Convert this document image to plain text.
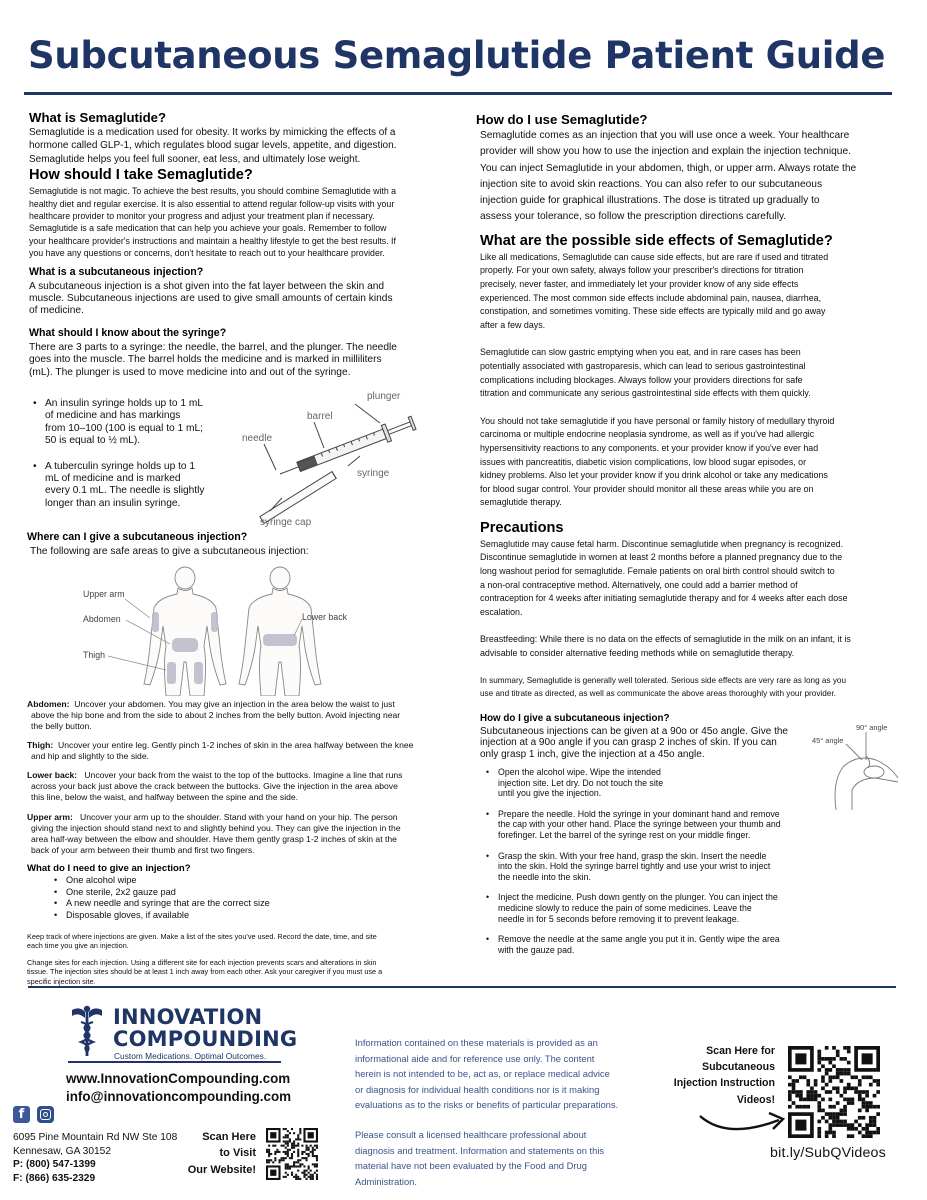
Subcutaneous Semaglutide Patient Guide
What is Semaglutide?
Semaglutide is a medication used for obesity. It works by mimicking the effects of a
hormone called GLP-1, which regulates blood sugar levels, appetite, and digestion.
Semaglutide helps you feel full sooner, eat less, and ultimately lose weight.
How should I take Semaglutide?
Semaglutide is not magic. To achieve the best results, you should combine Semaglutide with a
healthy diet and regular exercise. It is also essential to attend regular follow-up visits with your
healthcare provider to monitor your progress and adjust your treatment plan if necessary.
Semaglutide is a safe medication that can help you achieve your goals. Remember to follow
your healthcare provider's instructions and maintain a healthy lifestyle to get the best results. If
you have any questions or concerns, don't hesitate to reach out to your healthcare provider.
What is a subcutaneous injection?
A subcutaneous injection is a shot given into the fat layer between the skin and
muscle. Subcutaneous injections are used to give small amounts of certain kinds
of medicine.
What should I know about the syringe?
There are 3 parts to a syringe: the needle, the barrel, and the plunger. The needle
goes into the muscle. The barrel holds the medicine and is marked in milliliters
(mL). The plunger is used to move medicine into and out of the syringe.
• An insulin syringe holds up to 1 mL
of medicine and has markings
from 10–100 (100 is equal to 1 mL;
50 is equal to ½ mL).
• A tuberculin syringe holds up to 1
mL of medicine and is marked
every 0.1 mL. The needle is slightly
longer than an insulin syringe.
plunger
barrel
needle
syringe
syringe cap
Where can I give a subcutaneous injection?
The following are safe areas to give a subcutaneous injection:
Upper arm
Abdomen
Thigh
Lower back
Abdomen: Uncover your abdomen. You may give an injection in the area below the waist to just
above the hip bone and from the side to about 2 inches from the belly button. Avoid injecting near
the belly button.
Thigh: Uncover your entire leg. Gently pinch 1-2 inches of skin in the area halfway between the knee
and hip and slightly to the side.
Lower back: Uncover your back from the waist to the top of the buttocks. Imagine a line that runs
across your back just above the crack between the buttocks. Give the injection in the area above
this line, below the waist, and halfway between the spine and the side.
Upper arm: Uncover your arm up to the shoulder. Stand with your hand on your hip. The person
giving the injection should stand next to and slightly behind you. They can give the injection in the
area half-way between the elbow and shoulder. Have them gently grasp 1-2 inches of skin at the
back of your arm between their thumb and first two fingers.
What do I need to give an injection?
• One alcohol wipe
• One sterile, 2x2 gauze pad
• A new needle and syringe that are the correct size
• Disposable gloves, if available
Keep track of where injections are given. Make a list of the sites you've used. Record the date, time, and site
each time you give an injection.
Change sites for each injection. Using a different site for each injection prevents scars and alterations in skin
tissue. The injection sites should be at least 1 inch away from each other. Ask your caregiver if you must use a
specific injection site.
How do I use Semaglutide?
Semaglutide comes as an injection that you will use once a week. Your healthcare
provider will show you how to use the injection and explain the injection technique.
You can inject Semaglutide in your abdomen, thigh, or upper arm. Always rotate the
injection site to avoid skin reactions. You can also refer to our subcutaneous
injection guide for graphical illustrations. The dose is titrated up gradually to
assess your tolerance, so follow the prescription directions carefully.
What are the possible side effects of Semaglutide?
Like all medications, Semaglutide can cause side effects, but are rare if used and titrated
properly. For your own safety, always follow your prescriber's directions for titration
precisely, never faster, and immediately let your provider know of any side effects
experienced. The most common side effects include abdominal pain, nausea, diarrhea,
constipation, and sometimes vomiting. These side effects are typically mild and go away
after a few days.
Semaglutide can slow gastric emptying when you eat, and in rare cases has been
potentially associated with gastroparesis, which can lead to serious gastrointestinal
complications including blockages. Always follow your providers directions for safe
titration and communicate any serious gastrointestinal side effects with them quickly.
You should not take semaglutide if you have personal or family history of medullary thyroid
carcinoma or multiple endocrine neoplasia syndrome, as well as if you've had allergic
hypersensitivity reactions to any components. et your provider know if you've ever had
issues with pancreatitis, diabetic vision complications, low blood sugar episodes, or
kidney problems. Also let your provider know if you drink alcohol or take any medications
for blood sugar control. Your provider should monitor all these areas while you are on
semaglutide therapy.
Precautions
Semaglutide may cause fetal harm. Discontinue semaglutide when pregnancy is recognized.
Discontinue semaglutide in women at least 2 months before a planned pregnancy due to the
long washout period for semaglutide. Female patients on oral birth control should switch to
a non-oral contraceptive method. Alternatively, one could add a barrier method of
contraception for 4 weeks after initiating semaglutide therapy and for 4 weeks after each dose
escalation.
Breastfeeding: While there is no data on the effects of semaglutide in the milk on an infant, it is
advisable to consider alternative feeding methods while on semaglutide therapy.
In summary, Semaglutide is generally well tolerated. Serious side effects are very rare as long as you
use and titrate as directed, as well as communicate the above areas thoroughly with your provider.
How do I give a subcutaneous injection?
Subcutaneous injections can be given at a 90o or 45o angle. Give the
injection at a 90o angle if you can grasp 2 inches of skin. If you can
only grasp 1 inch, give the injection at a 45o angle.
90° angle
45° angle
• Open the alcohol wipe. Wipe the intended
injection site. Let dry. Do not touch the site
until you give the injection.
• Prepare the needle. Hold the syringe in your dominant hand and remove
the cap with your other hand. Place the syringe between your thumb and
forefinger. Let the barrel of the syringe rest on your middle finger.
• Grasp the skin. With your free hand, grasp the skin. Insert the needle
into the skin. Hold the syringe barrel tightly and use your wrist to inject
the needle into the skin.
• Inject the medicine. Push down gently on the plunger. You can inject the
medicine slowly to reduce the pain of some medicines. Leave the
needle in for 5 seconds before removing it to prevent leakage.
• Remove the needle at the same angle you put it in. Gently wipe the area
with the gauze pad.
INNOVATION
COMPOUNDING
Custom Medications. Optimal Outcomes.
www.InnovationCompounding.com
info@innovationcompounding.com
f
6095 Pine Mountain Rd NW Ste 108
Kennesaw, GA 30152
P: (800) 547-1399
F: (866) 635-2329
Scan Here
to Visit
Our Website!
Information contained on these materials is provided as an
informational aide and for reference use only. The content
herein is not intended to be, act as, or replace medical advice
or diagnosis for individual health conditions nor is it making
evaluations as to the risks or benefits of particular preparations.
Please consult a licensed healthcare professional about
diagnosis and treatment. Information and statements on this
material have not been evaluated by the Food and Drug
Administration.
Scan Here for
Subcutaneous
Injection Instruction
Videos!
bit.ly/SubQVideos
